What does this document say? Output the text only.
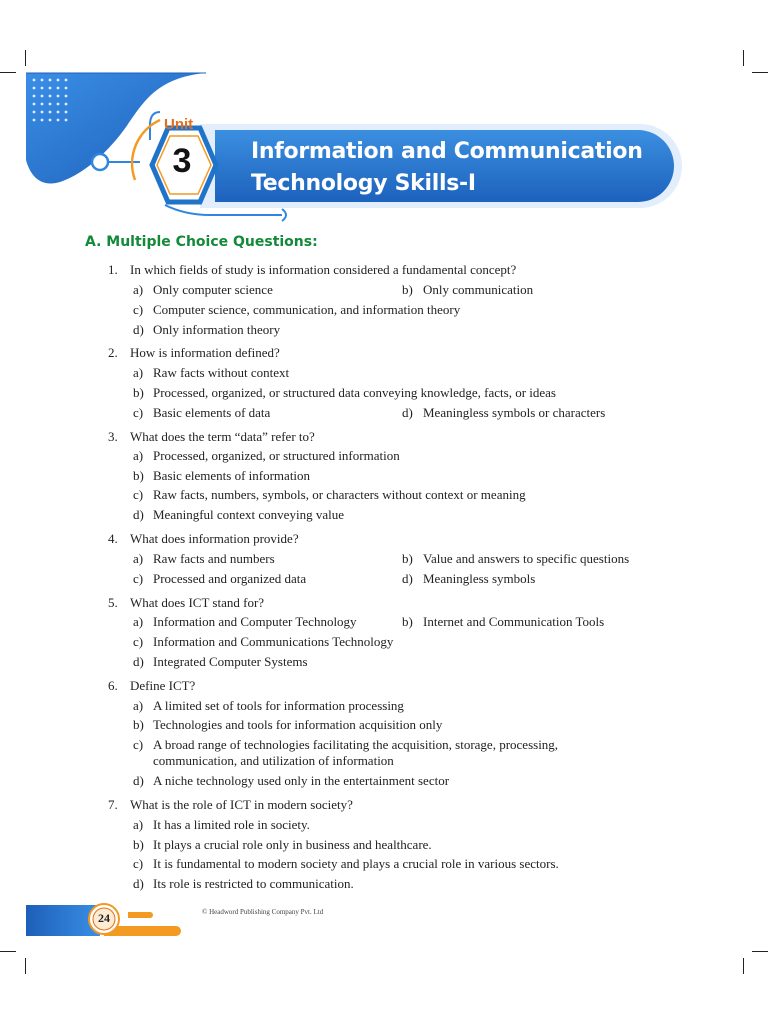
Unit
3	Information and Communication
Technology Skills-I
A. Multiple Choice Questions:
1. In which fields of study is information considered a fundamental concept?
a) Only computer science	b) Only communication
c) Computer science, communication, and information theory
d) Only information theory
2. How is information defined?
a) Raw facts without context
b) Processed, organized, or structured data conveying knowledge, facts, or ideas
c) Basic elements of data	d) Meaningless symbols or characters
3. What does the term “data” refer to?
a) Processed, organized, or structured information
b) Basic elements of information
c) Raw facts, numbers, symbols, or characters without context or meaning
d) Meaningful context conveying value
4. What does information provide?
a) Raw facts and numbers	b) Value and answers to specific questions
c) Processed and organized data	d) Meaningless symbols
5. What does ICT stand for?
a) Information and Computer Technology	b) Internet and Communication Tools
c) Information and Communications Technology
d) Integrated Computer Systems
6. Define ICT?
a) A limited set of tools for information processing
b) Technologies and tools for information acquisition only
c) A broad range of technologies facilitating the acquisition, storage, processing,
communication, and utilization of information
d) A niche technology used only in the entertainment sector
7. What is the role of ICT in modern society?
a) It has a limited role in society.
b) It plays a crucial role only in business and healthcare.
c) It is fundamental to modern society and plays a crucial role in various sectors.
d) Its role is restricted to communication.
24	© Headword Publishing Company Pvt. Ltd
